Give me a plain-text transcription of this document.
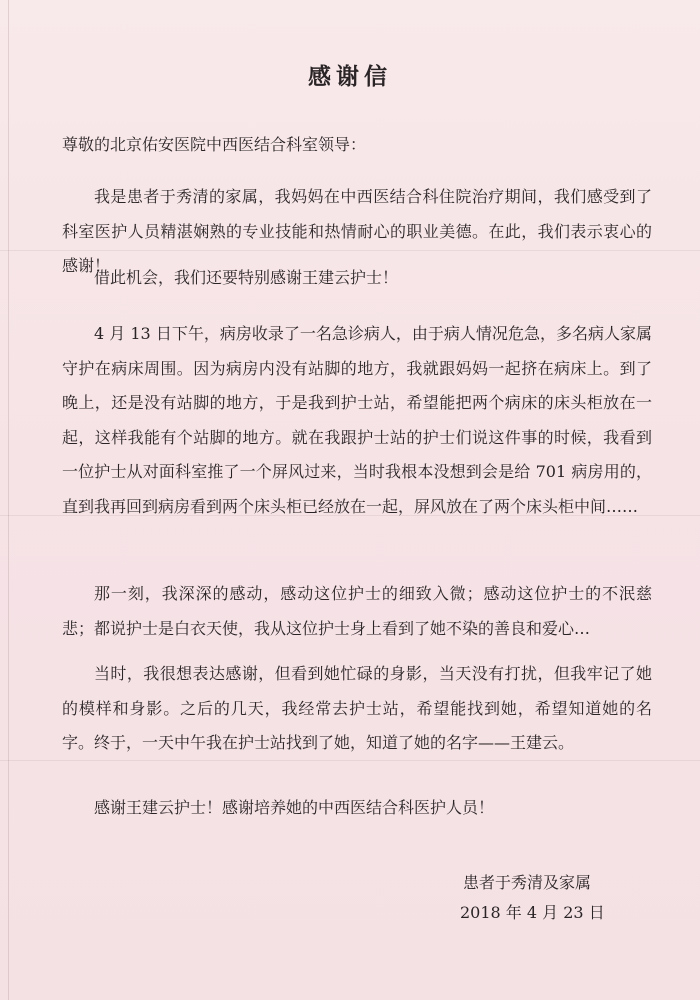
感谢信
尊敬的北京佑安医院中西医结合科室领导：
我是患者于秀清的家属，我妈妈在中西医结合科住院治疗期间，我们感受到了科室医护人员精湛娴熟的专业技能和热情耐心的职业美德。在此，我们表示衷心的感谢！
借此机会，我们还要特别感谢王建云护士！
4 月 13 日下午，病房收录了一名急诊病人，由于病人情况危急，多名病人家属守护在病床周围。因为病房内没有站脚的地方，我就跟妈妈一起挤在病床上。到了晚上，还是没有站脚的地方，于是我到护士站，希望能把两个病床的床头柜放在一起，这样我能有个站脚的地方。就在我跟护士站的护士们说这件事的时候，我看到一位护士从对面科室推了一个屏风过来，当时我根本没想到会是给 701 病房用的，直到我再回到病房看到两个床头柜已经放在一起，屏风放在了两个床头柜中间……
那一刻，我深深的感动，感动这位护士的细致入微；感动这位护士的不泯慈悲；都说护士是白衣天使，我从这位护士身上看到了她不染的善良和爱心…
当时，我很想表达感谢，但看到她忙碌的身影，当天没有打扰，但我牢记了她的模样和身影。之后的几天，我经常去护士站，希望能找到她，希望知道她的名字。终于，一天中午我在护士站找到了她，知道了她的名字——王建云。
感谢王建云护士！感谢培养她的中西医结合科医护人员！
患者于秀清及家属
2018 年 4 月 23 日
